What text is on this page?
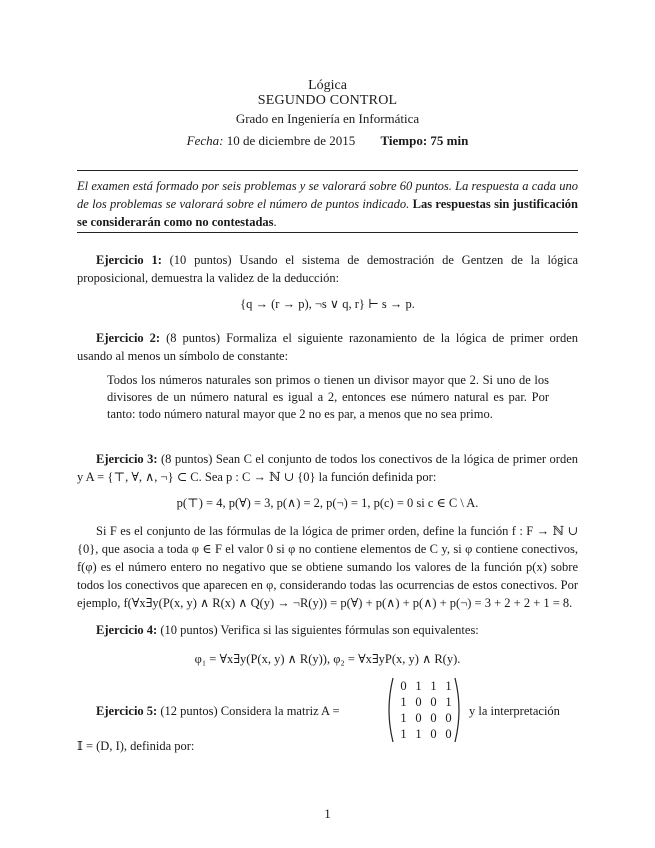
Lógica
SEGUNDO CONTROL
Grado en Ingeniería en Informática
Fecha: 10 de diciembre de 2015 Tiempo: 75 min
El examen está formado por seis problemas y se valorará sobre 60 puntos. La respuesta a cada uno de los problemas se valorará sobre el número de puntos indicado. Las respuestas sin justificación se considerarán como no contestadas.
Ejercicio 1: (10 puntos) Usando el sistema de demostración de Gentzen de la lógica proposicional, demuestra la validez de la deducción:
{q → (r → p), ¬s ∨ q, r} ⊢ s → p.
Ejercicio 2: (8 puntos) Formaliza el siguiente razonamiento de la lógica de primer orden usando al menos un símbolo de constante:
Todos los números naturales son primos o tienen un divisor mayor que 2. Si uno de los divisores de un número natural es igual a 2, entonces ese número natural es par. Por tanto: todo número natural mayor que 2 no es par, a menos que no sea primo.
Ejercicio 3: (8 puntos) Sean C el conjunto de todos los conectivos de la lógica de primer orden y A = {⊤, ∀, ∧, ¬} ⊂ C. Sea p : C → ℕ ∪ {0} la función definida por:
p(⊤) = 4, p(∀) = 3, p(∧) = 2, p(¬) = 1, p(c) = 0 si c ∈ C \ A.
Si F es el conjunto de las fórmulas de la lógica de primer orden, define la función f : F → ℕ ∪ {0}, que asocia a toda φ ∈ F el valor 0 si φ no contiene elementos de C y, si φ contiene conectivos, f(φ) es el número entero no negativo que se obtiene sumando los valores de la función p(x) sobre todos los conectivos que aparecen en φ, considerando todas las ocurrencias de estos conectivos. Por ejemplo, f(∀x∃y(P(x, y) ∧ R(x) ∧ Q(y) → ¬R(y)) = p(∀) + p(∧) + p(∧) + p(¬) = 3 + 2 + 2 + 1 = 8.
Ejercicio 4: (10 puntos) Verifica si las siguientes fórmulas son equivalentes:
φ₁ = ∀x∃y(P(x, y) ∧ R(y)), φ₂ = ∀x∃yP(x, y) ∧ R(y).
Ejercicio 5: (12 puntos) Considera la matriz A =
0 1 1 1
1 0 0 1
1 0 0 0
1 1 0 0
y la interpretación
𝕀 = (D, I), definida por:
1
